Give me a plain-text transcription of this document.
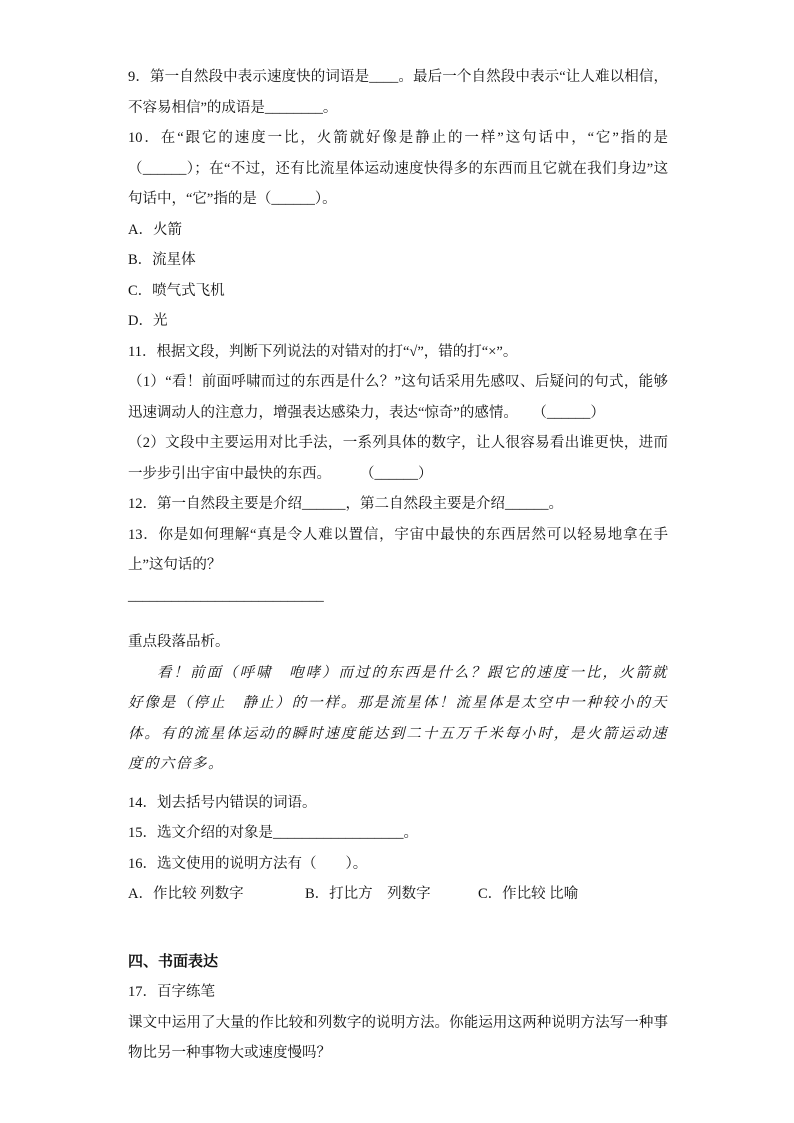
9．第一自然段中表示速度快的词语是____。最后一个自然段中表示“让人难以相信，不容易相信”的成语是________。

10．在“跟它的速度一比，火箭就好像是静止的一样”这句话中，“它”指的是（______）；在“不过，还有比流星体运动速度快得多的东西而且它就在我们身边”这句话中，“它”指的是（______）。

A．火箭

B．流星体

C．喷气式飞机

D．光

11．根据文段，判断下列说法的对错对的打“√”，错的打“×”。

（1）“看！前面呼啸而过的东西是什么？”这句话采用先感叹、后疑问的句式，能够迅速调动人的注意力，增强表达感染力，表达“惊奇”的感情。　　（______）

（2）文段中主要运用对比手法，一系列具体的数字，让人很容易看出谁更快，进而一步步引出宇宙中最快的东西。　　　（______）

12．第一自然段主要是介绍______，第二自然段主要是介绍______。

13．你是如何理解“真是令人难以置信，宇宙中最快的东西居然可以轻易地拿在手上”这句话的？

___________________________

重点段落品析。

看！前面（呼啸　咆哮）而过的东西是什么？跟它的速度一比，火箭就好像是（停止　静止）的一样。那是流星体！流星体是太空中一种较小的天体。有的流星体运动的瞬时速度能达到二十五万千米每小时，是火箭运动速度的六倍多。

14．划去括号内错误的词语。

15．选文介绍的对象是__________________。

16．选文使用的说明方法有（　　）。

A．作比较 列数字	B．打比方　列数字	C．作比较 比喻

四、书面表达

17．百字练笔

课文中运用了大量的作比较和列数字的说明方法。你能运用这两种说明方法写一种事物比另一种事物大或速度慢吗？
